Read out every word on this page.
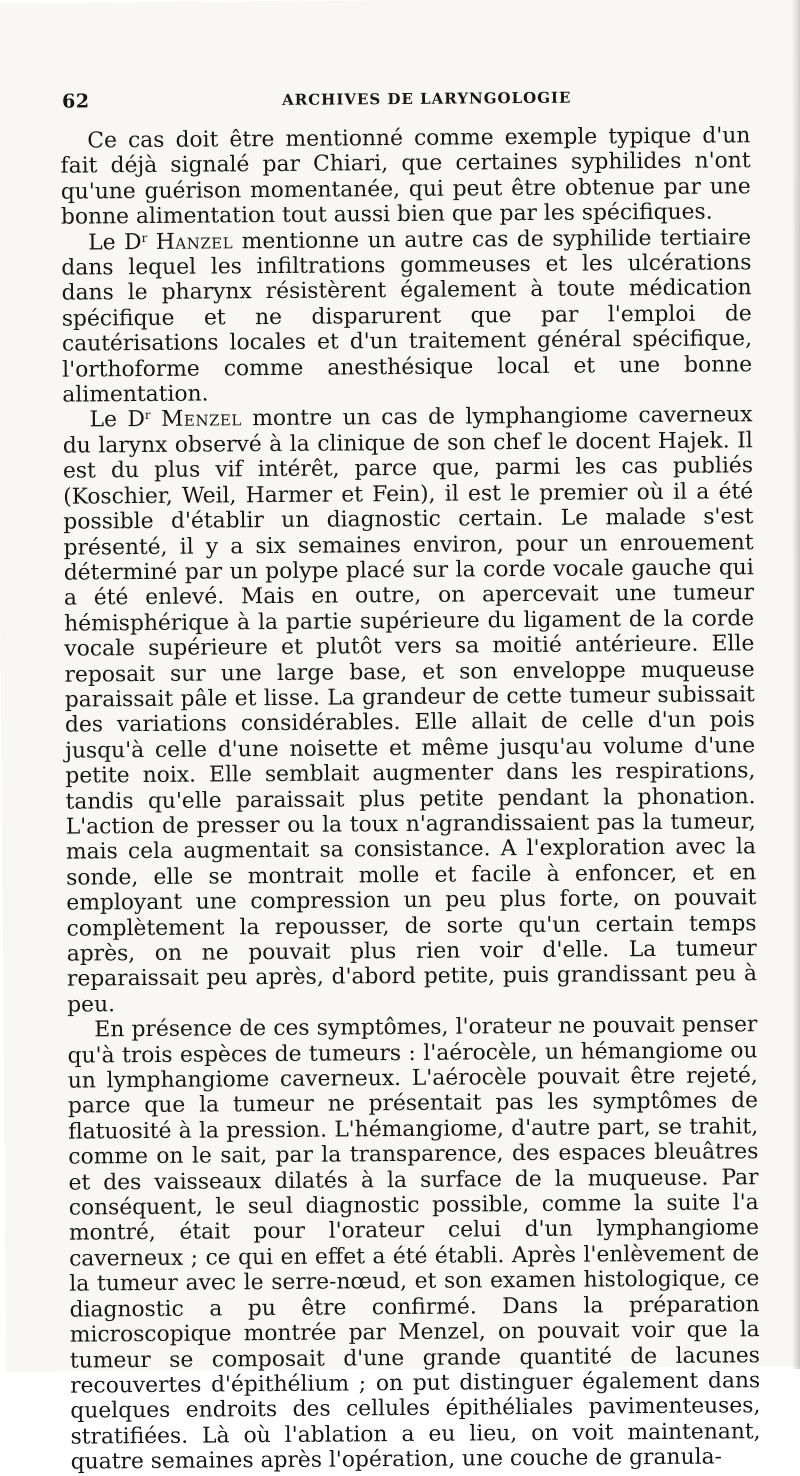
62	ARCHIVES DE LARYNGOLOGIE

Ce cas doit être mentionné comme exemple typique d'un fait déjà signalé par Chiari, que certaines syphilides n'ont qu'une guérison momentanée, qui peut être obtenue par une bonne alimentation tout aussi bien que par les spécifiques.

Le $D^r$ Hanzel mentionne un autre cas de syphilide tertiaire dans lequel les infiltrations gommeuses et les ulcérations dans le pharynx résistèrent également à toute médication spécifique et ne disparurent que par l'emploi de cautérisations locales et d'un traitement général spécifique, l'orthoforme comme anesthésique local et une bonne alimentation.

Le $D^r$ Menzel montre un cas de lymphangiome caverneux du larynx observé à la clinique de son chef le docent Hajek. Il est du plus vif intérêt, parce que, parmi les cas publiés (Koschier, Weil, Harmer et Fein), il est le premier où il a été possible d'établir un diagnostic certain. Le malade s'est présenté, il y a six semaines environ, pour un enrouement déterminé par un polype placé sur la corde vocale gauche qui a été enlevé. Mais en outre, on apercevait une tumeur hémisphérique à la partie supérieure du ligament de la corde vocale supérieure et plutôt vers sa moitié antérieure. Elle reposait sur une large base, et son enveloppe muqueuse paraissait pâle et lisse. La grandeur de cette tumeur subissait des variations considérables. Elle allait de celle d'un pois jusqu'à celle d'une noisette et même jusqu'au volume d'une petite noix. Elle semblait augmenter dans les respirations, tandis qu'elle paraissait plus petite pendant la phonation. L'action de presser ou la toux n'agrandissaient pas la tumeur, mais cela augmentait sa consistance. A l'exploration avec la sonde, elle se montrait molle et facile à enfoncer, et en employant une compression un peu plus forte, on pouvait complètement la repousser, de sorte qu'un certain temps après, on ne pouvait plus rien voir d'elle. La tumeur reparaissait peu après, d'abord petite, puis grandissant peu à peu.

En présence de ces symptômes, l'orateur ne pouvait penser qu'à trois espèces de tumeurs : l'aérocèle, un hémangiome ou un lymphangiome caverneux. L'aérocèle pouvait être rejeté, parce que la tumeur ne présentait pas les symptômes de flatuosité à la pression. L'hémangiome, d'autre part, se trahit, comme on le sait, par la transparence, des espaces bleuâtres et des vaisseaux dilatés à la surface de la muqueuse. Par conséquent, le seul diagnostic possible, comme la suite l'a montré, était pour l'orateur celui d'un lymphangiome caverneux ; ce qui en effet a été établi. Après l'enlèvement de la tumeur avec le serre-nœud, et son examen histologique, ce diagnostic a pu être confirmé. Dans la préparation microscopique montrée par Menzel, on pouvait voir que la tumeur se composait d'une grande quantité de lacunes recouvertes d'épithélium ; on put distinguer également dans quelques endroits des cellules épithéliales pavimenteuses, stratifiées. Là où l'ablation a eu lieu, on voit maintenant, quatre semaines après l'opération, une couche de granula-
